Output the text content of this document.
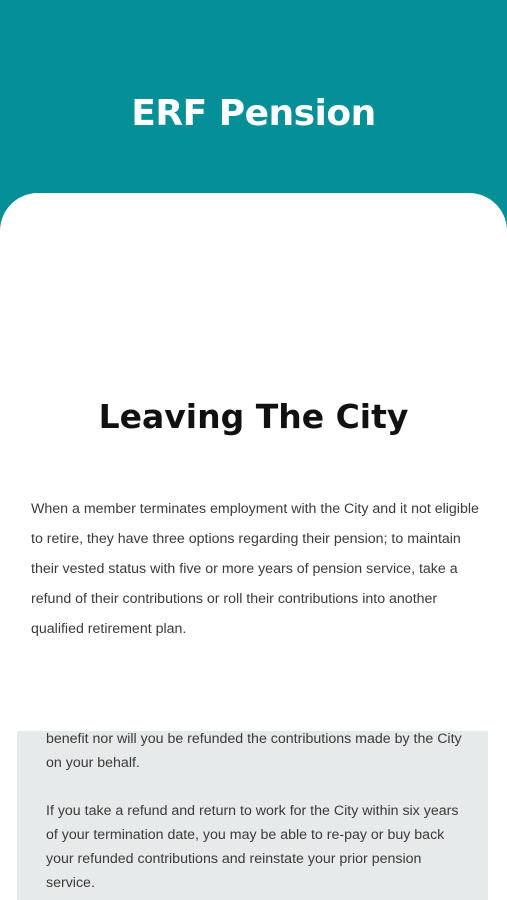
ERF Pension
Leaving The City

When a member terminates employment with the City and it not eligible to retire, they have three options regarding their pension; to maintain their vested status with five or more years of pension service, take a refund of their contributions or roll their contributions into another qualified retirement plan.

benefit nor will you be refunded the contributions made by the City on your behalf.

If you take a refund and return to work for the City within six years of your termination date, you may be able to re-pay or buy back your refunded contributions and reinstate your prior pension service.
